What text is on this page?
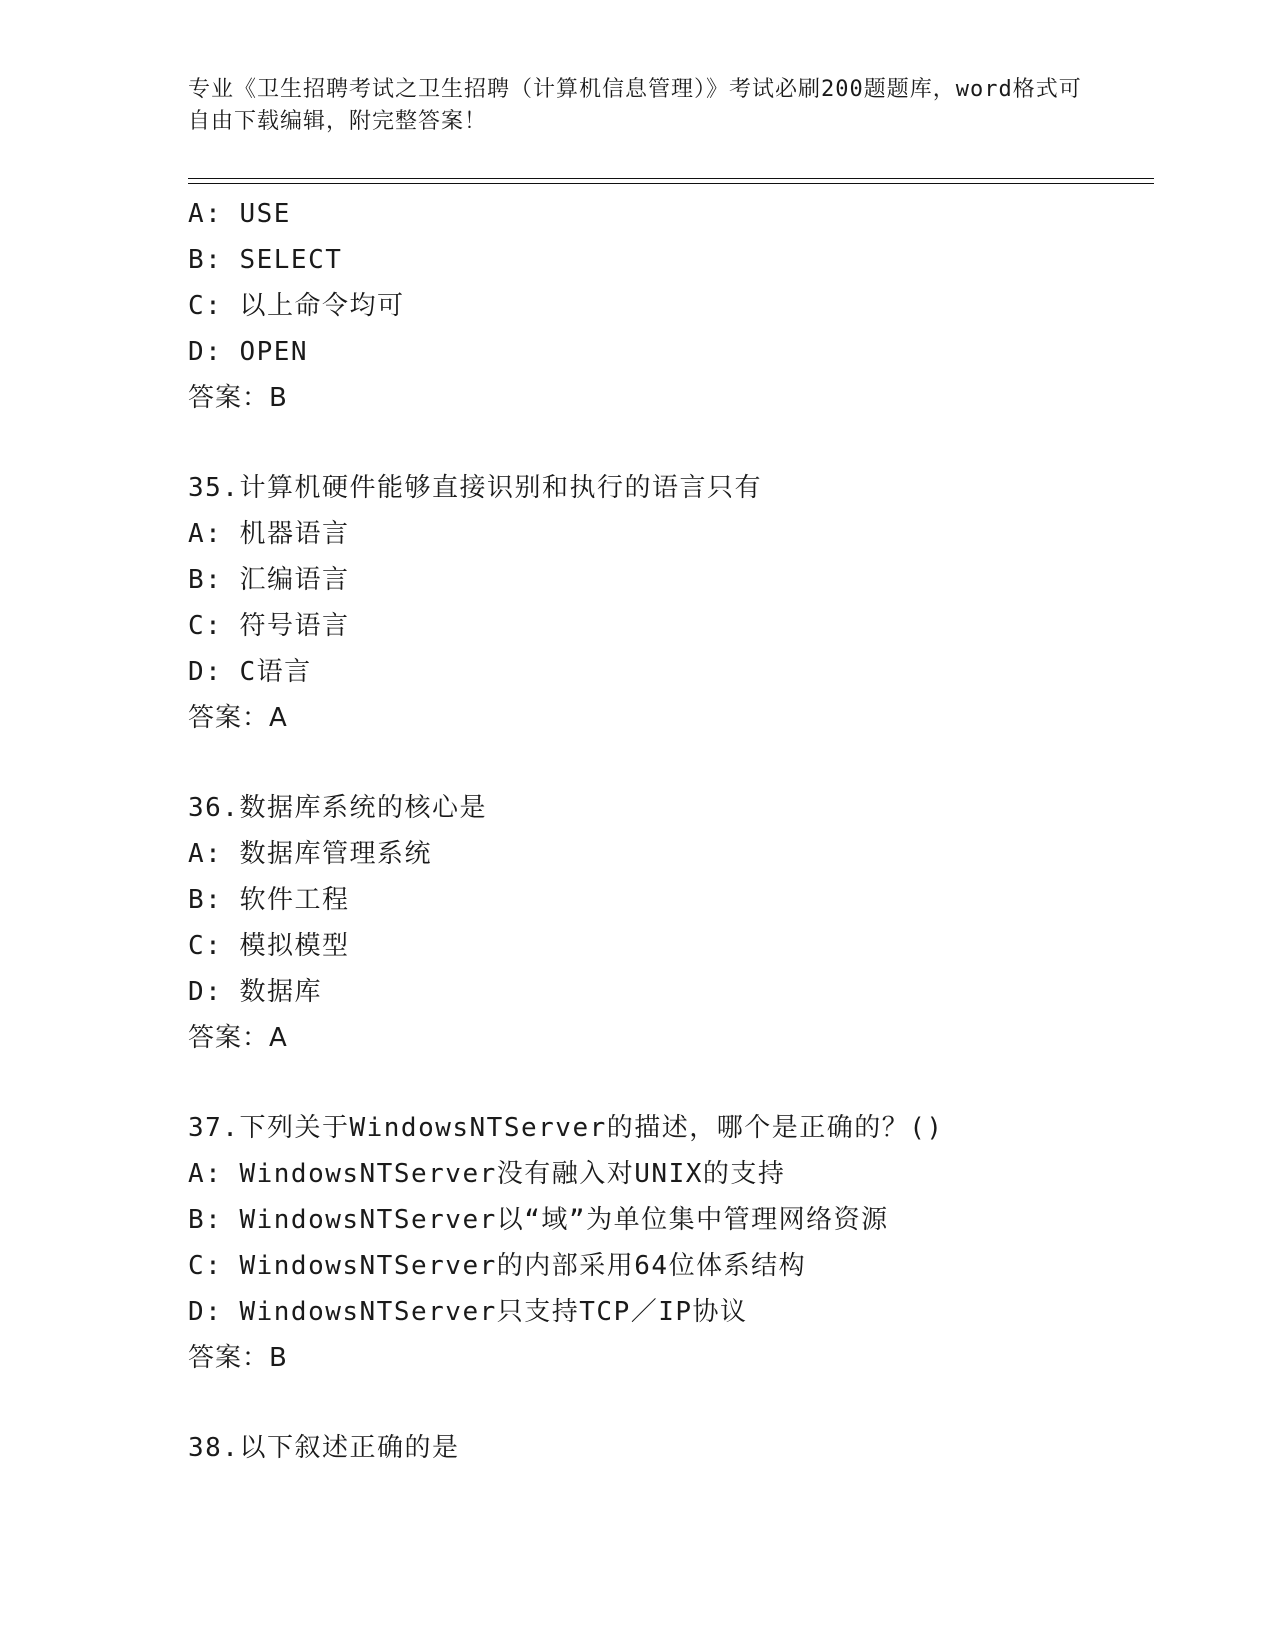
专业《卫生招聘考试之卫生招聘（计算机信息管理）》考试必刷200题题库，word格式可自由下载编辑，附完整答案！
A: USE
B: SELECT
C: 以上命令均可
D: OPEN
答案：B
35.计算机硬件能够直接识别和执行的语言只有
A: 机器语言
B: 汇编语言
C: 符号语言
D: C语言
答案：A
36.数据库系统的核心是
A: 数据库管理系统
B: 软件工程
C: 模拟模型
D: 数据库
答案：A
37.下列关于WindowsNTServer的描述，哪个是正确的？()
A: WindowsNTServer没有融入对UNIX的支持
B: WindowsNTServer以“域”为单位集中管理网络资源
C: WindowsNTServer的内部采用64位体系结构
D: WindowsNTServer只支持TCP／IP协议
答案：B
38.以下叙述正确的是
